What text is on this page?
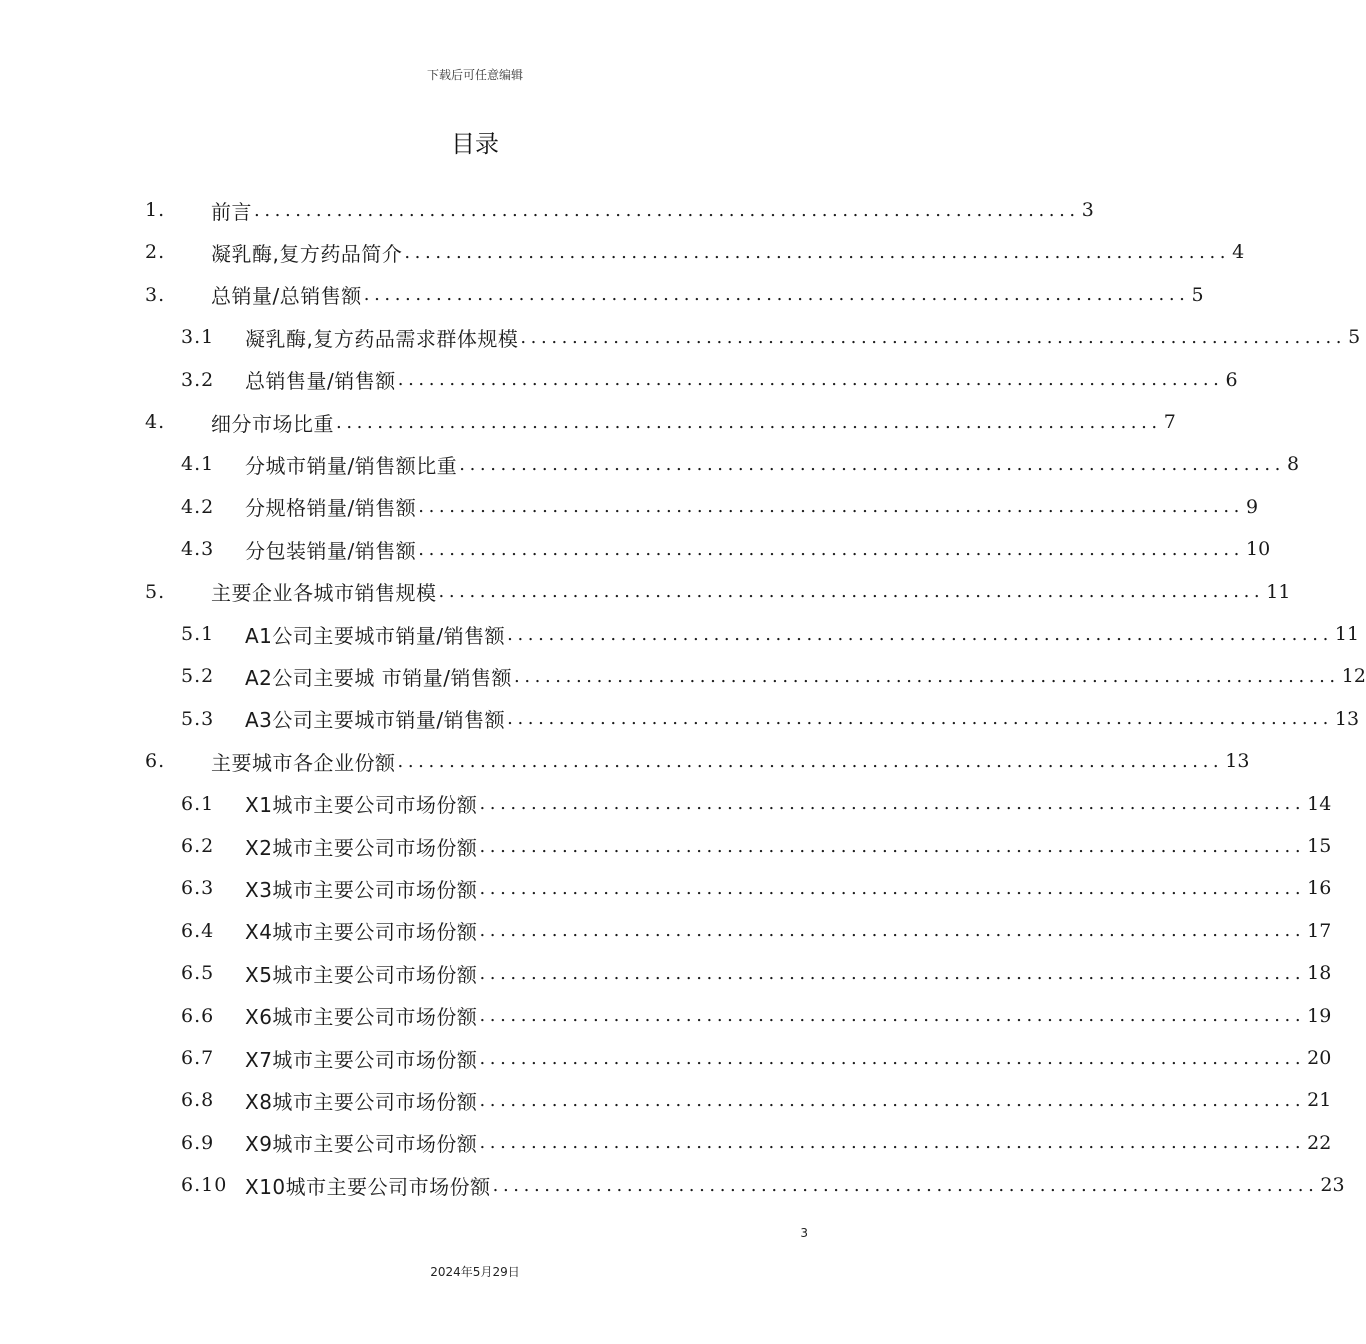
下载后可任意编辑
目录
1. 前言 ................................................................................ 3
2. 凝乳酶,复方药品简介 ................................................................................ 4
3. 总销量/总销售额 ................................................................................ 5
3.1 凝乳酶,复方药品需求群体规模 ................................................................................ 5
3.2 总销售量/销售额 ................................................................................ 6
4. 细分市场比重 ................................................................................ 7
4.1 分城市销量/销售额比重 ................................................................................ 8
4.2 分规格销量/销售额 ................................................................................ 9
4.3 分包装销量/销售额 ................................................................................ 10
5. 主要企业各城市销售规模 ................................................................................ 11
5.1 A1公司主要城市销量/销售额 ................................................................................ 11
5.2 A2公司主要城 市销量/销售额 ................................................................................ 12
5.3 A3公司主要城市销量/销售额 ................................................................................ 13
6. 主要城市各企业份额 ................................................................................ 13
6.1 X1城市主要公司市场份额 ................................................................................ 14
6.2 X2城市主要公司市场份额 ................................................................................ 15
6.3 X3城市主要公司市场份额 ................................................................................ 16
6.4 X4城市主要公司市场份额 ................................................................................ 17
6.5 X5城市主要公司市场份额 ................................................................................ 18
6.6 X6城市主要公司市场份额 ................................................................................ 19
6.7 X7城市主要公司市场份额 ................................................................................ 20
6.8 X8城市主要公司市场份额 ................................................................................ 21
6.9 X9城市主要公司市场份额 ................................................................................ 22
6.10 X10城市主要公司市场份额 ................................................................................ 23
3
2024年5月29日
